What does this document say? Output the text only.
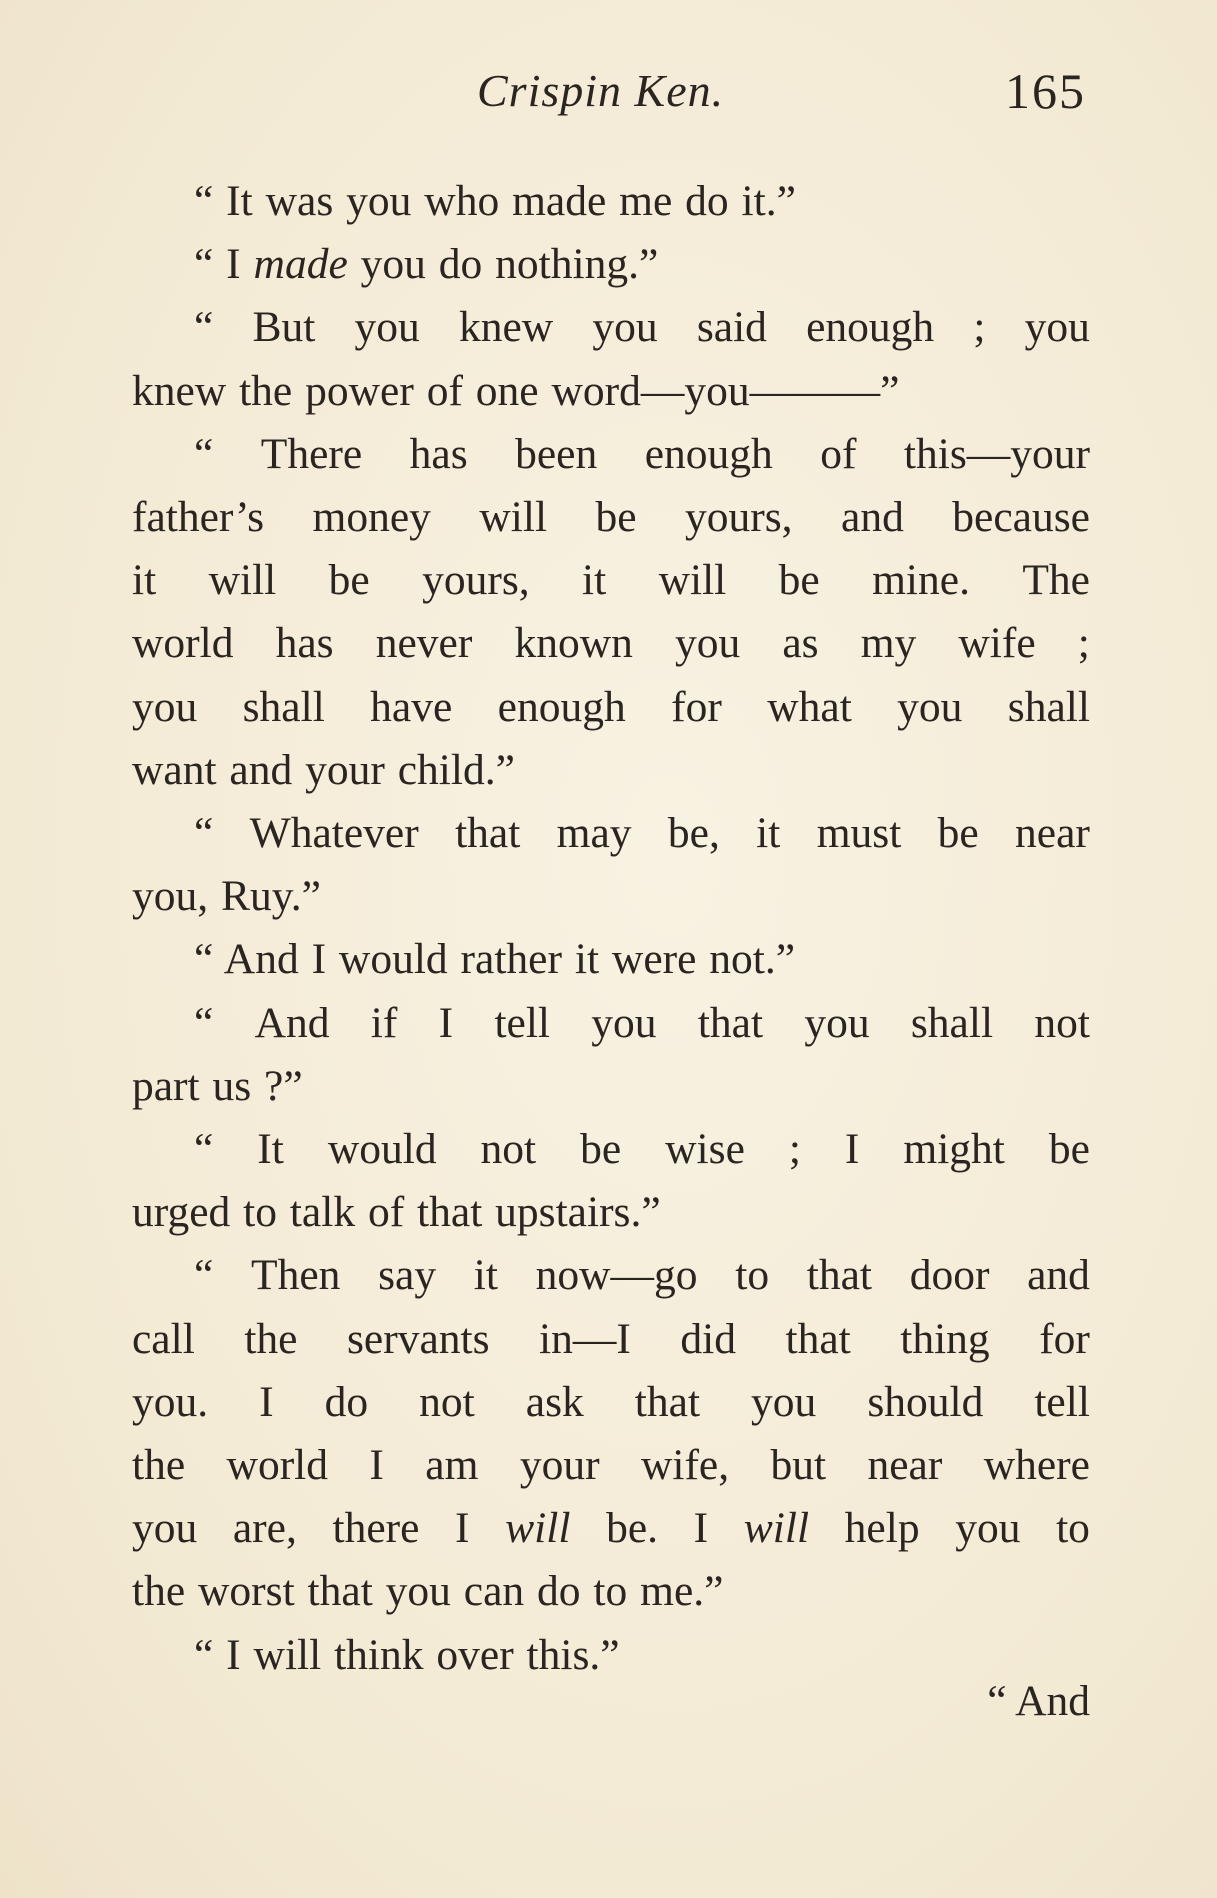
Crispin Ken.	165
“ It was you who made me do it.”
“ I made you do nothing.”
“ But you knew you said enough ; you
knew the power of one word—you———”
“ There has been enough of this—your
father’s money will be yours, and because
it will be yours, it will be mine. The
world has never known you as my wife ;
you shall have enough for what you shall
want and your child.”
“ Whatever that may be, it must be near
you, Ruy.”
“ And I would rather it were not.”
“ And if I tell you that you shall not
part us ?”
“ It would not be wise ; I might be
urged to talk of that upstairs.”
“ Then say it now—go to that door and
call the servants in—I did that thing for
you. I do not ask that you should tell
the world I am your wife, but near where
you are, there I will be. I will help you to
the worst that you can do to me.”
“ I will think over this.”
“ And
